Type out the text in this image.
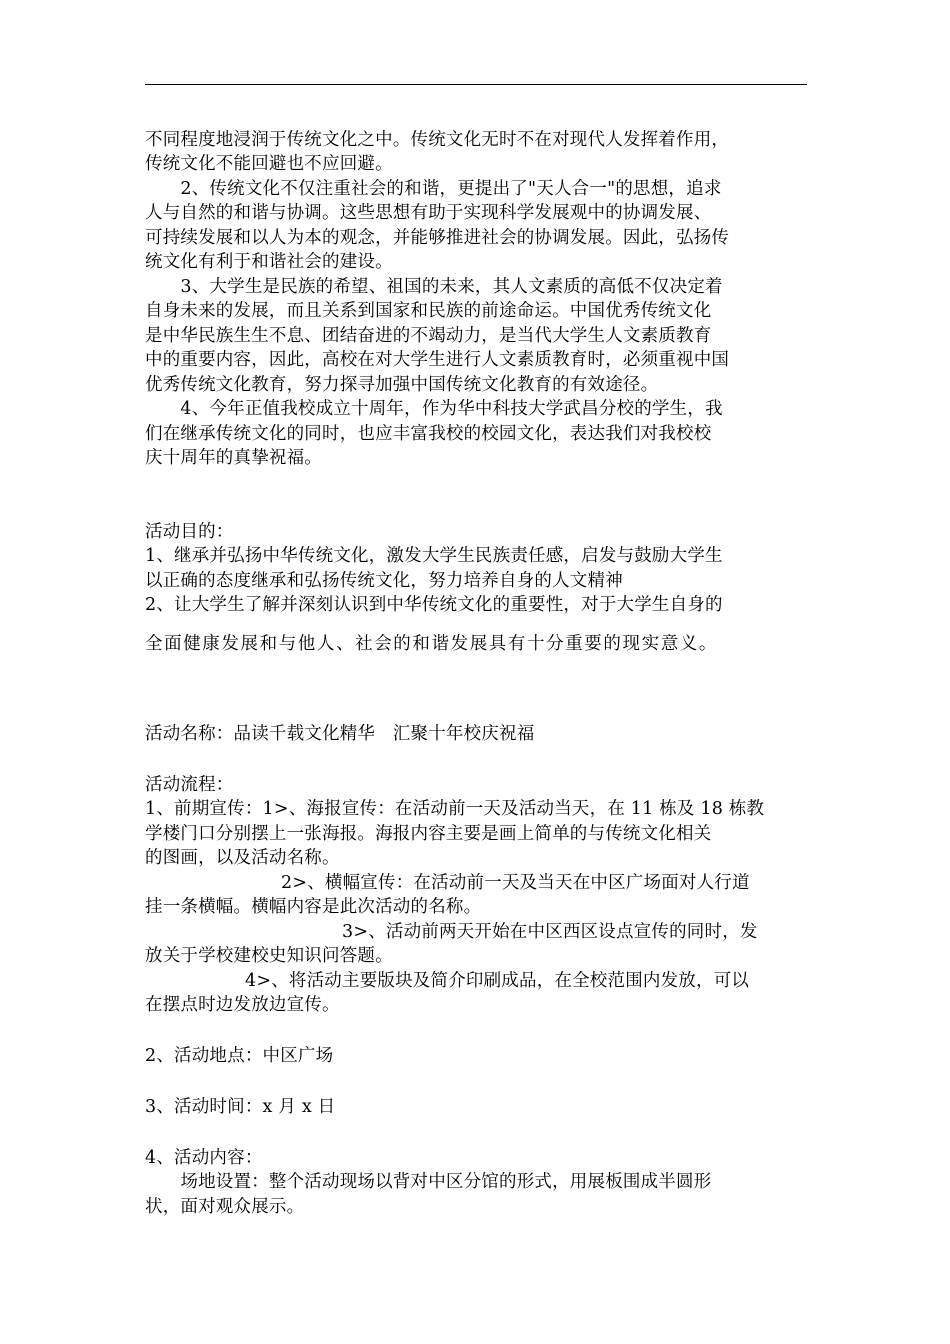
不同程度地浸润于传统文化之中。传统文化无时不在对现代人发挥着作用，
传统文化不能回避也不应回避。
　　2、传统文化不仅注重社会的和谐，更提出了"天人合一"的思想，追求
人与自然的和谐与协调。这些思想有助于实现科学发展观中的协调发展、
可持续发展和以人为本的观念，并能够推进社会的协调发展。因此，弘扬传
统文化有利于和谐社会的建设。
　　3、大学生是民族的希望、祖国的未来，其人文素质的高低不仅决定着
自身未来的发展，而且关系到国家和民族的前途命运。中国优秀传统文化
是中华民族生生不息、团结奋进的不竭动力，是当代大学生人文素质教育
中的重要内容，因此，高校在对大学生进行人文素质教育时，必须重视中国
优秀传统文化教育，努力探寻加强中国传统文化教育的有效途径。
　　4、今年正值我校成立十周年，作为华中科技大学武昌分校的学生，我
们在继承传统文化的同时，也应丰富我校的校园文化，表达我们对我校校
庆十周年的真挚祝福。
活动目的：
1、继承并弘扬中华传统文化，激发大学生民族责任感，启发与鼓励大学生
以正确的态度继承和弘扬传统文化，努力培养自身的人文精神
2、让大学生了解并深刻认识到中华传统文化的重要性，对于大学生自身的
全面健康发展和与他人、社会的和谐发展具有十分重要的现实意义。
活动名称：品读千载文化精华　汇聚十年校庆祝福
活动流程：
1、前期宣传：1>、海报宣传：在活动前一天及活动当天，在 11 栋及 18 栋教
学楼门口分别摆上一张海报。海报内容主要是画上简单的与传统文化相关
的图画，以及活动名称。
2>、横幅宣传：在活动前一天及当天在中区广场面对人行道
挂一条横幅。横幅内容是此次活动的名称。
3>、活动前两天开始在中区西区设点宣传的同时，发
放关于学校建校史知识问答题。
4>、将活动主要版块及简介印刷成品，在全校范围内发放，可以
在摆点时边发放边宣传。
2、活动地点：中区广场
3、活动时间：x 月 x 日
4、活动内容：
　　场地设置：整个活动现场以背对中区分馆的形式，用展板围成半圆形
状，面对观众展示。
